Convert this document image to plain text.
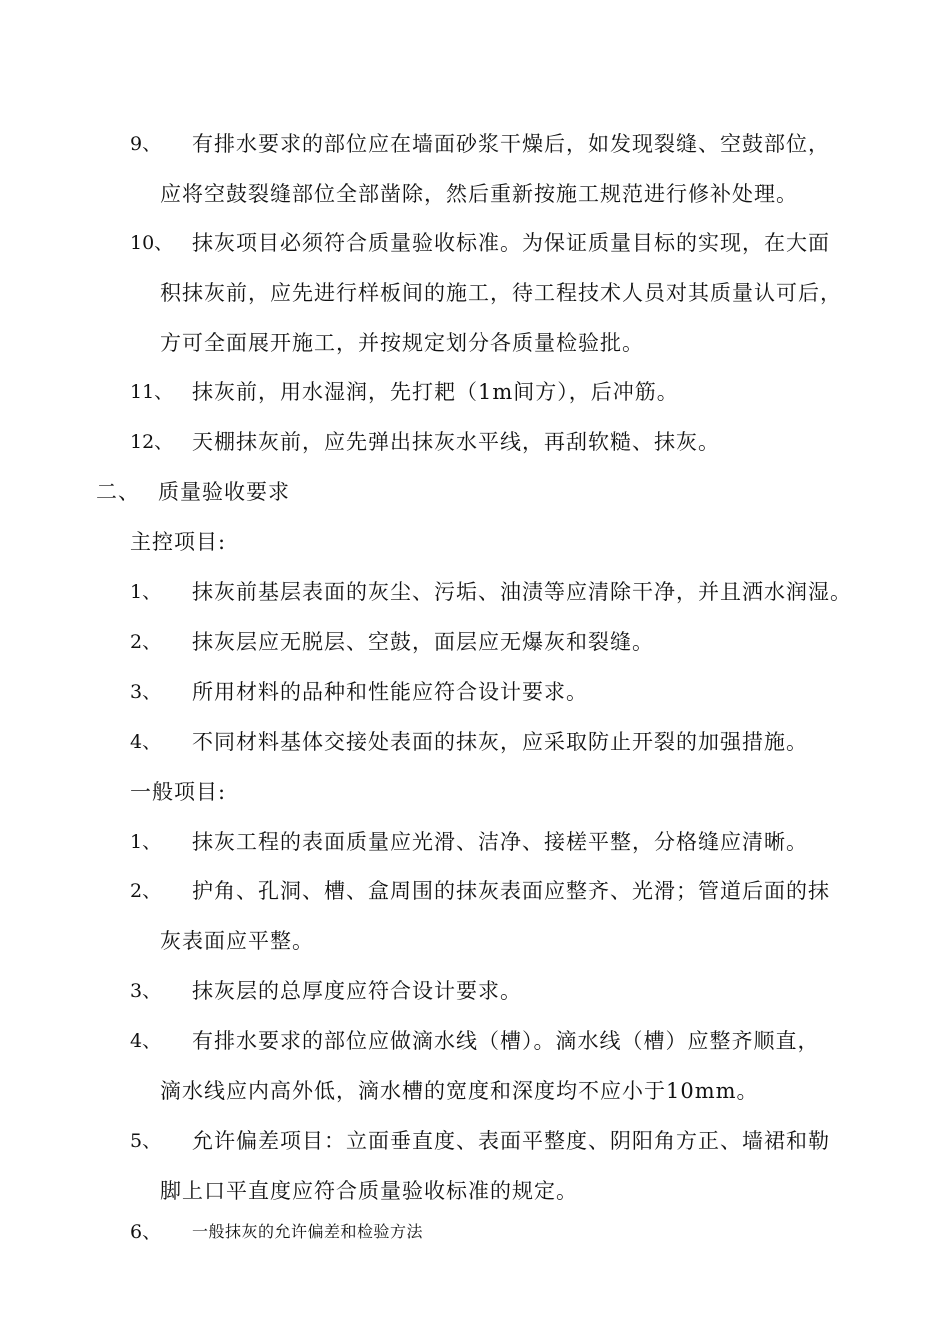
9、 有排水要求的部位应在墙面砂浆干燥后，如发现裂缝、空鼓部位，
应将空鼓裂缝部位全部凿除，然后重新按施工规范进行修补处理。
10、 抹灰项目必须符合质量验收标准。为保证质量目标的实现，在大面
积抹灰前，应先进行样板间的施工，待工程技术人员对其质量认可后，
方可全面展开施工，并按规定划分各质量检验批。
11、 抹灰前，用水湿润，先打耙（1m间方），后冲筋。
12、 天棚抹灰前，应先弹出抹灰水平线，再刮软糙、抹灰。
二、 质量验收要求
主控项目:
1、 抹灰前基层表面的灰尘、污垢、油渍等应清除干净，并且洒水润湿。
2、 抹灰层应无脱层、空鼓，面层应无爆灰和裂缝。
3、 所用材料的品种和性能应符合设计要求。
4、 不同材料基体交接处表面的抹灰，应采取防止开裂的加强措施。
一般项目:
1、 抹灰工程的表面质量应光滑、洁净、接槎平整，分格缝应清晰。
2、 护角、孔洞、槽、盒周围的抹灰表面应整齐、光滑；管道后面的抹
灰表面应平整。
3、 抹灰层的总厚度应符合设计要求。
4、 有排水要求的部位应做滴水线（槽）。滴水线（槽）应整齐顺直，
滴水线应内高外低，滴水槽的宽度和深度均不应小于10mm。
5、 允许偏差项目：立面垂直度、表面平整度、阴阳角方正、墙裙和勒
脚上口平直度应符合质量验收标准的规定。
6、 一般抹灰的允许偏差和检验方法
